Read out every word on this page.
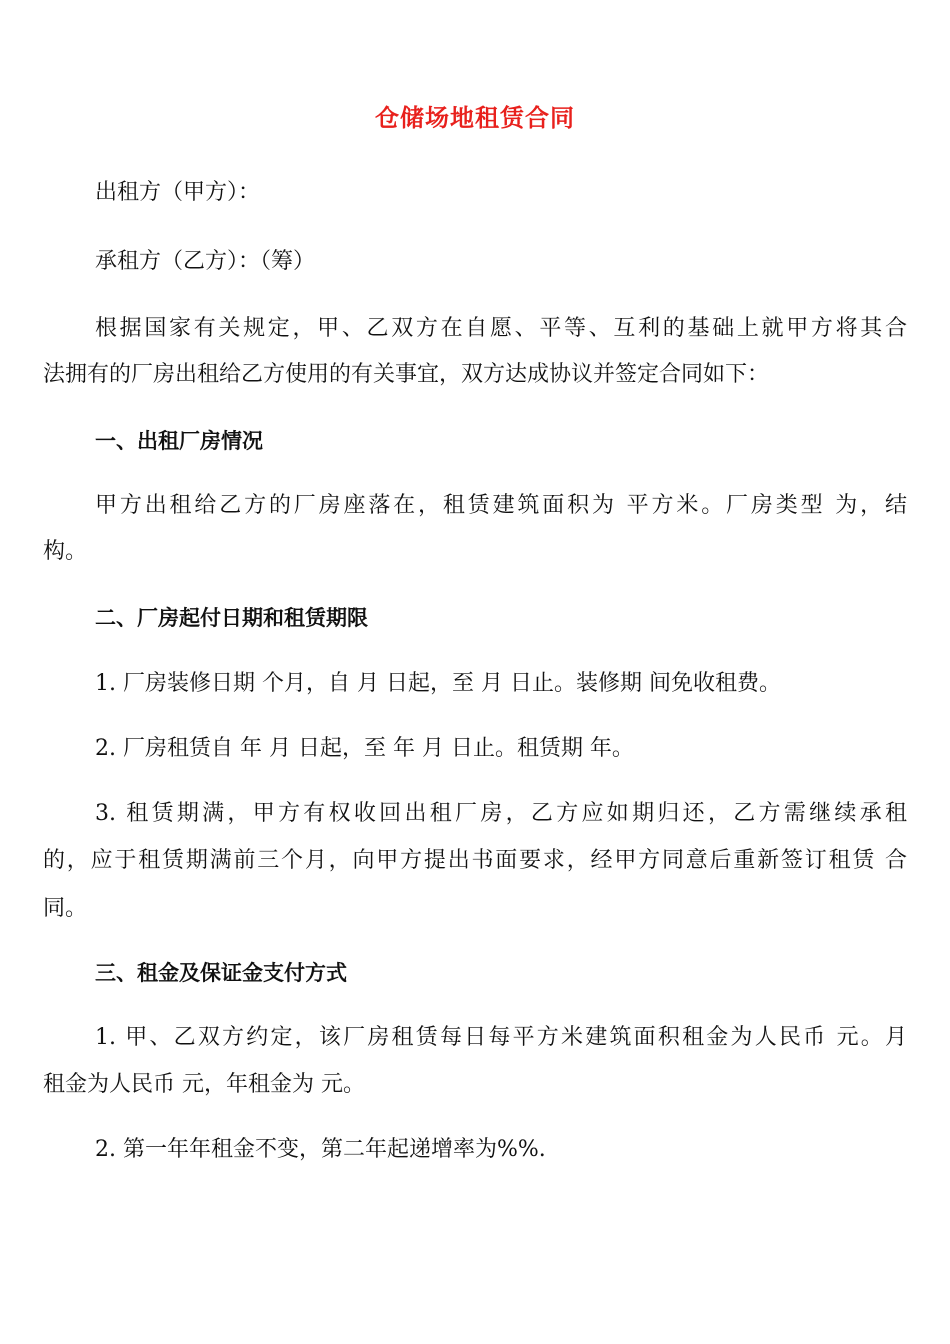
仓储场地租赁合同
出租方（甲方）：
承租方（乙方）：（筹）
根据国家有关规定，甲、乙双方在自愿、平等、互利的基础上就甲方将其合
法拥有的厂房出租给乙方使用的有关事宜，双方达成协议并签定合同如下：
一、出租厂房情况
甲方出租给乙方的厂房座落在，租赁建筑面积为 平方米。厂房类型 为，结
构。
二、厂房起付日期和租赁期限
1. 厂房装修日期 个月，自 月 日起，至 月 日止。装修期 间免收租费。
2. 厂房租赁自 年 月 日起，至 年 月 日止。租赁期 年。
3. 租赁期满，甲方有权收回出租厂房，乙方应如期归还，乙方需继续承租
的，应于租赁期满前三个月，向甲方提出书面要求，经甲方同意后重新签订租赁 合
同。
三、租金及保证金支付方式
1. 甲、乙双方约定，该厂房租赁每日每平方米建筑面积租金为人民币 元。月
租金为人民币 元，年租金为 元。
2. 第一年年租金不变，第二年起递增率为%%.
